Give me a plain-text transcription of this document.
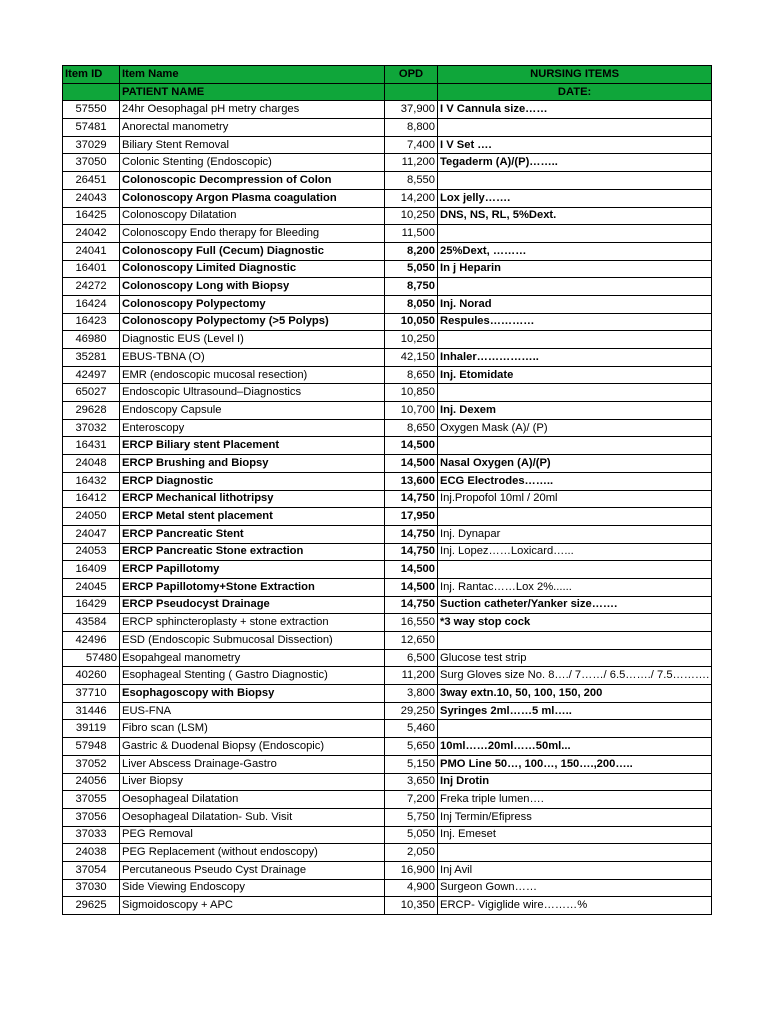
Item ID	Item Name	OPD	NURSING ITEMS
	PATIENT NAME		DATE:
57550	24hr Oesophagal pH metry charges	37,900	I V Cannula size……
57481	Anorectal manometry	8,800	
37029	Biliary Stent Removal	7,400	I V Set ….
37050	Colonic Stenting (Endoscopic)	11,200	Tegaderm (A)/(P)……..
26451	Colonoscopic Decompression of Colon	8,550	
24043	Colonoscopy Argon Plasma coagulation	14,200	Lox jelly…….
16425	Colonoscopy Dilatation	10,250	DNS, NS, RL, 5%Dext.
24042	Colonoscopy Endo therapy for Bleeding	11,500	
24041	Colonoscopy Full (Cecum) Diagnostic	8,200	25%Dext, ………
16401	Colonoscopy Limited Diagnostic	5,050	In j Heparin
24272	Colonoscopy Long with Biopsy	8,750	
16424	Colonoscopy Polypectomy	8,050	Inj. Norad
16423	Colonoscopy Polypectomy (>5 Polyps)	10,050	Respules…………
46980	Diagnostic EUS (Level I)	10,250	
35281	EBUS-TBNA (O)	42,150	Inhaler……………..
42497	EMR (endoscopic mucosal resection)	8,650	Inj. Etomidate
65027	Endoscopic Ultrasound–Diagnostics	10,850	
29628	Endoscopy Capsule	10,700	Inj. Dexem
37032	Enteroscopy	8,650	Oxygen Mask (A)/ (P)
16431	ERCP Biliary stent Placement	14,500	
24048	ERCP Brushing and Biopsy	14,500	Nasal Oxygen (A)/(P)
16432	ERCP Diagnostic	13,600	ECG Electrodes……..
16412	ERCP Mechanical lithotripsy	14,750	Inj.Propofol 10ml / 20ml
24050	ERCP Metal stent placement	17,950	
24047	ERCP Pancreatic Stent	14,750	Inj. Dynapar
24053	ERCP Pancreatic Stone extraction	14,750	Inj. Lopez……Loxicard…...
16409	ERCP Papillotomy	14,500	
24045	ERCP Papillotomy+Stone Extraction	14,500	Inj. Rantac……Lox 2%......
16429	ERCP Pseudocyst Drainage	14,750	Suction catheter/Yanker size…….
43584	ERCP sphincteroplasty + stone extraction	16,550	*3 way stop cock
42496	ESD (Endoscopic Submucosal Dissection)	12,650	
57480	Esopahgeal manometry	6,500	Glucose test strip
40260	Esophageal Stenting ( Gastro Diagnostic)	11,200	Surg Gloves size No. 8…./ 7……/ 6.5……./ 7.5……….
37710	Esophagoscopy with Biopsy	3,800	3way extn.10, 50, 100, 150, 200
31446	EUS-FNA	29,250	Syringes 2ml……5 ml…..
39119	Fibro scan (LSM)	5,460	
57948	Gastric & Duodenal Biopsy (Endoscopic)	5,650	10ml……20ml……50ml...
37052	Liver Abscess Drainage-Gastro	5,150	PMO Line 50…, 100…, 150….,200…..
24056	Liver Biopsy	3,650	Inj Drotin
37055	Oesophageal Dilatation	7,200	Freka triple lumen….
37056	Oesophageal Dilatation- Sub. Visit	5,750	Inj Termin/Efipress
37033	PEG Removal	5,050	Inj. Emeset
24038	PEG Replacement (without endoscopy)	2,050	
37054	Percutaneous Pseudo Cyst Drainage	16,900	Inj Avil
37030	Side Viewing Endoscopy	4,900	Surgeon Gown……
29625	Sigmoidoscopy + APC	10,350	ERCP- Vigiglide wire………%
